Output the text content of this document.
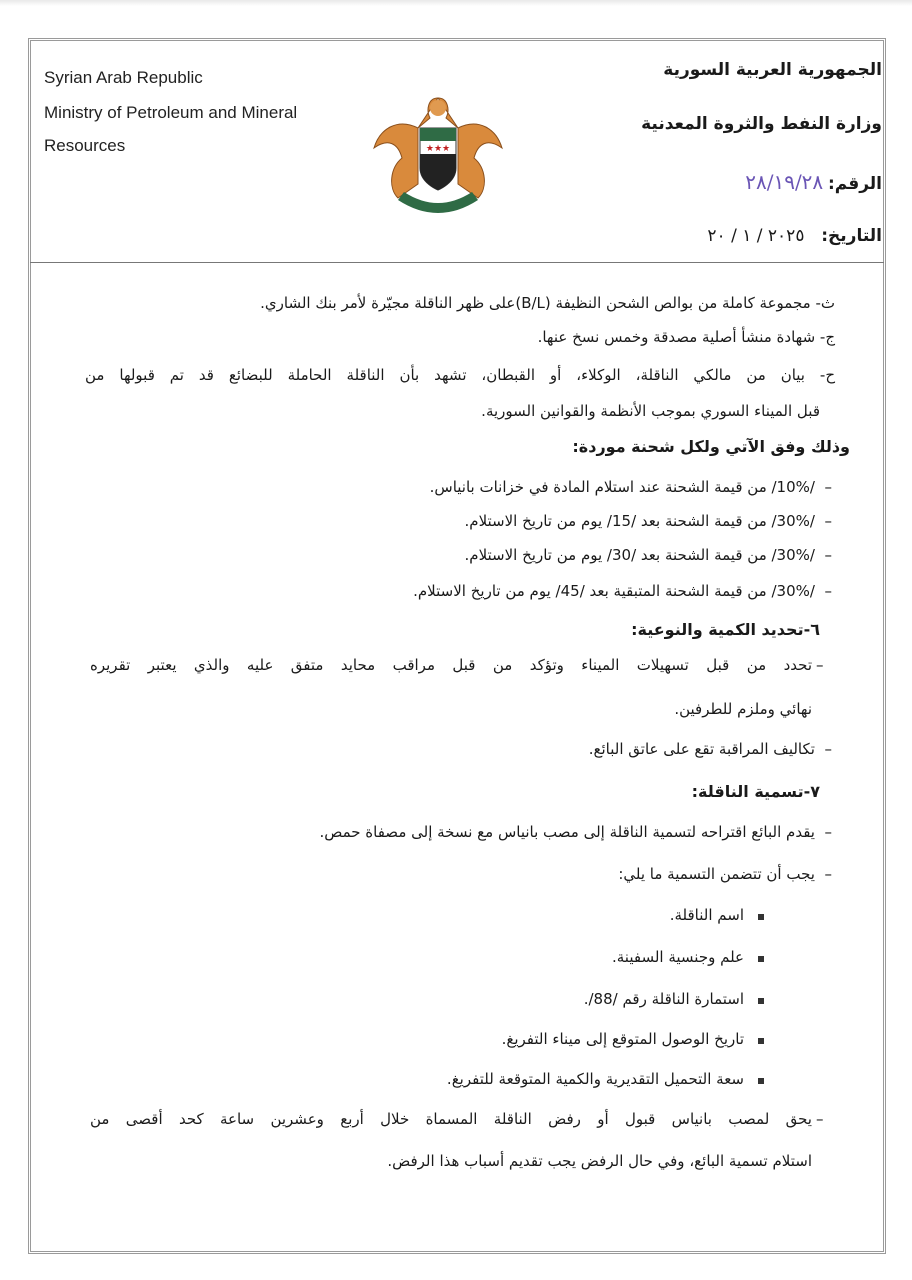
Syrian Arab Republic
Ministry of Petroleum and Mineral
Resources	★★★
الجمهورية العربية السورية
وزارة النفط والثروة المعدنية
الرقم: ٢٨/١٩/٢٨
التاريخ: ٢٠٢٥ / ١ / ٢٠
ث- مجموعة كاملة من بوالص الشحن النظيفة (B/L)على ظهر الناقلة مجيّرة لأمر بنك الشاري.
ج- شهادة منشأ أصلية مصدقة وخمس نسخ عنها.
ح- بيان من مالكي الناقلة، الوكلاء، أو القبطان، تشهد بأن الناقلة الحاملة للبضائع قد تم قبولها من
قبل الميناء السوري بموجب الأنظمة والقوانين السورية.
وذلك وفق الآتي ولكل شحنة موردة:
–  /10%/ من قيمة الشحنة عند استلام المادة في خزانات بانياس.
–  /30%/ من قيمة الشحنة بعد /15/ يوم من تاريخ الاستلام.
–  /30%/ من قيمة الشحنة بعد /30/ يوم من تاريخ الاستلام.
–  /30%/ من قيمة الشحنة المتبقية بعد /45/ يوم من تاريخ الاستلام.
٦-تحديد الكمية والنوعية:
–
تحدد من قبل تسهيلات الميناء وتؤكد من قبل مراقب محايد متفق عليه والذي يعتبر تقريره
نهائي وملزم للطرفين.
–  تكاليف المراقبة تقع على عاتق البائع.
٧-تسمية الناقلة:
–  يقدم البائع اقتراحه لتسمية الناقلة إلى مصب بانياس مع نسخة إلى مصفاة حمص.
–  يجب أن تتضمن التسمية ما يلي:
اسم الناقلة.
علم وجنسية السفينة.
استمارة الناقلة رقم /88/.
تاريخ الوصول المتوقع إلى ميناء التفريغ.
سعة التحميل التقديرية والكمية المتوقعة للتفريغ.
–
يحق لمصب بانياس قبول أو رفض الناقلة المسماة خلال أربع وعشرين ساعة كحد أقصى من
استلام تسمية البائع، وفي حال الرفض يجب تقديم أسباب هذا الرفض.
